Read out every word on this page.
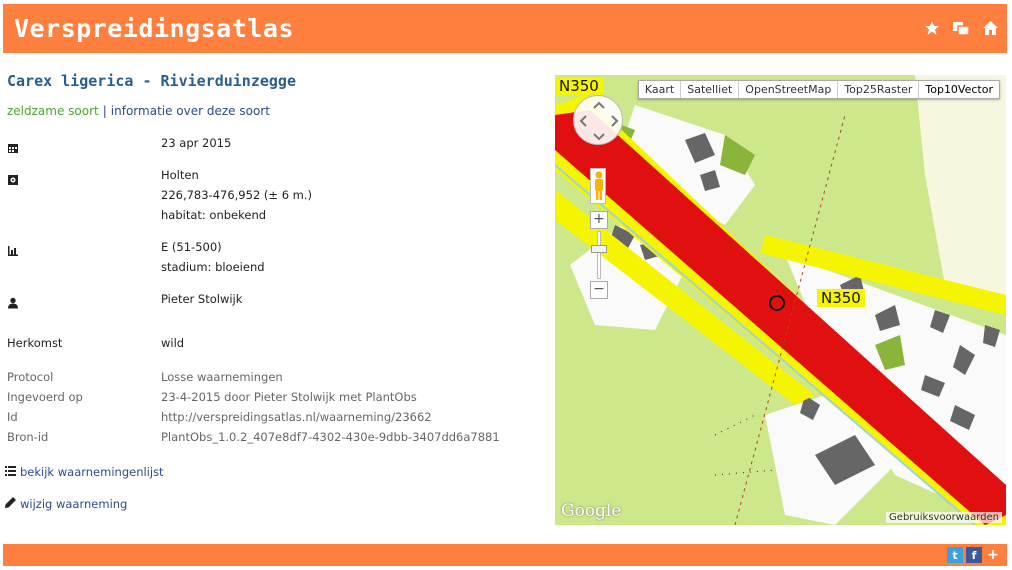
Verspreidingsatlas
Carex ligerica - Rivierduinzegge
zeldzame soort | informatie over deze soort
23 apr 2015
Holten
226,783-476,952 (± 6 m.)
habitat: onbekend
E (51-500)
stadium: bloeiend
Pieter Stolwijk
Herkomst	wild
Protocol	Losse waarnemingen
Ingevoerd op	23-4-2015 door Pieter Stolwijk met PlantObs
Id	http://verspreidingsatlas.nl/waarneming/23662
Bron-id	PlantObs_1.0.2_407e8df7-4302-430e-9dbb-3407dd6a7881
bekijk waarnemingenlijst
wijzig waarneming
N350
N350
Kaart	Satelliet	OpenStreetMap	Top25Raster	Top10Vector
+
−
Google	Gebruiksvoorwaarden
t	f +
